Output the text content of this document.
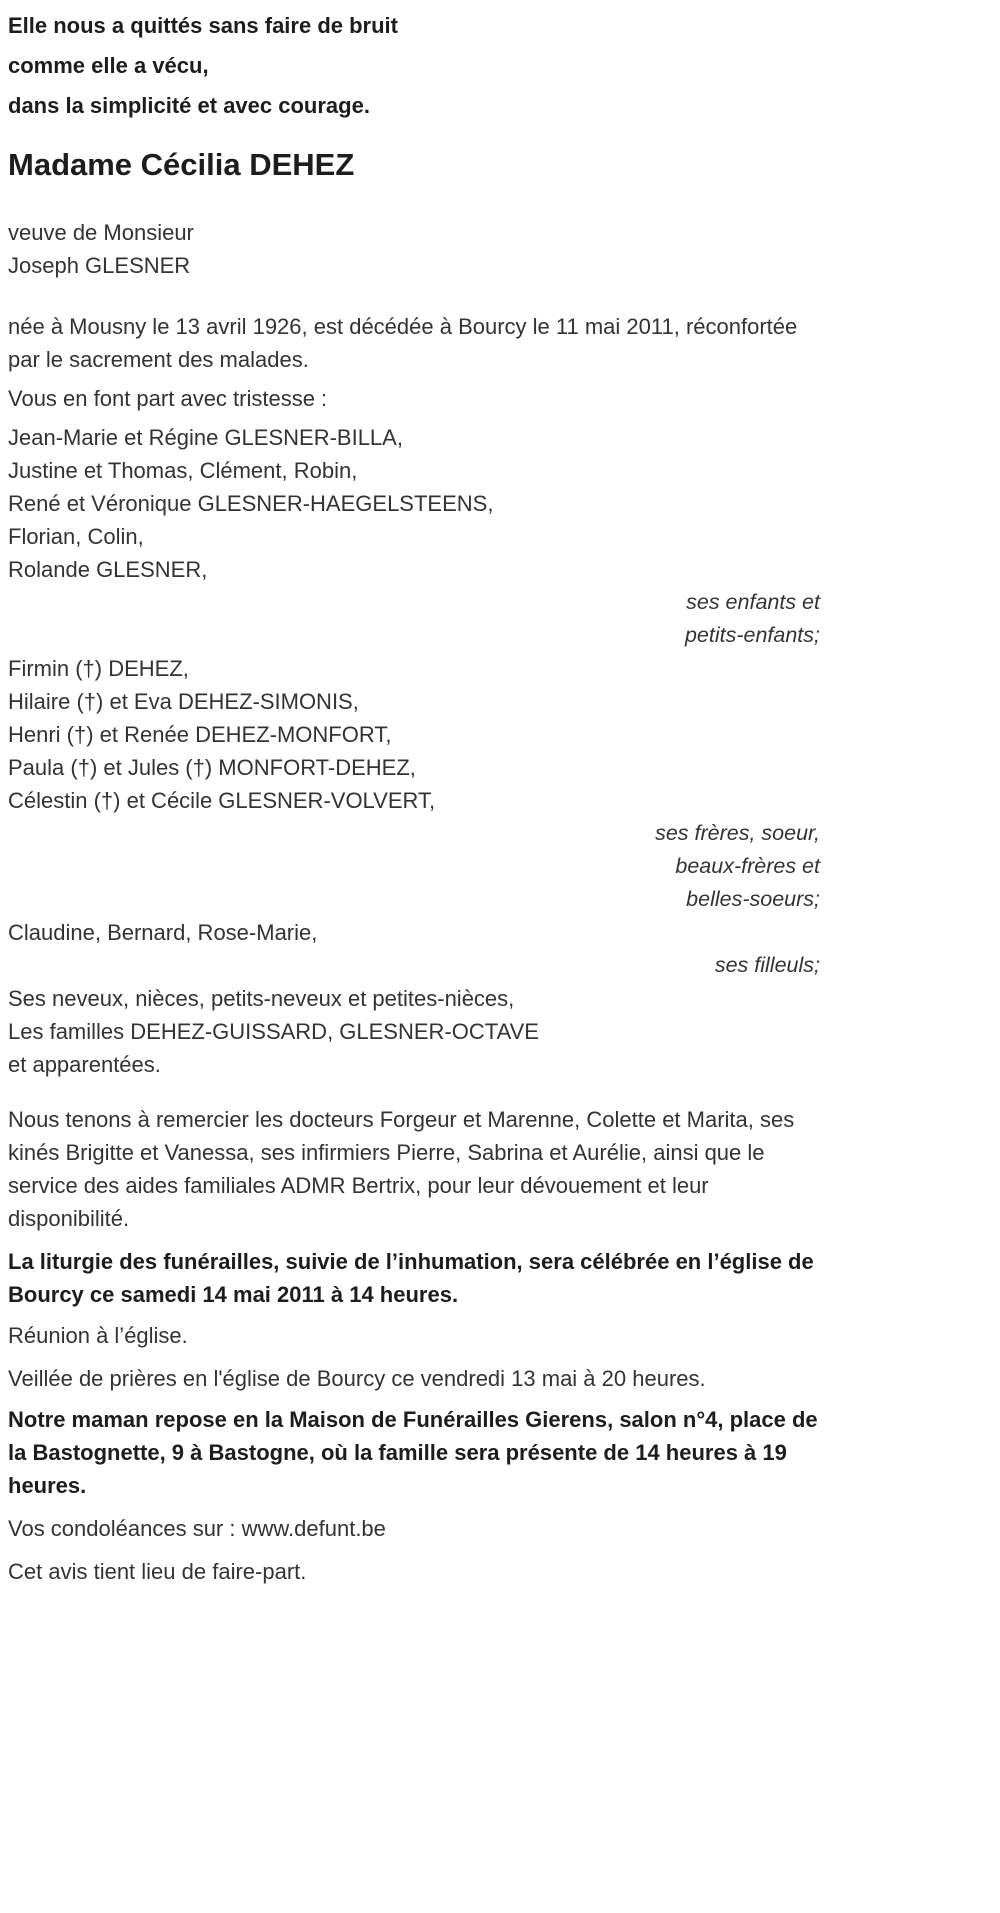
Elle nous a quittés sans faire de bruit

comme elle a vécu,

dans la simplicité et avec courage.

Madame Cécilia DEHEZ

veuve de Monsieur

Joseph GLESNER

née à Mousny le 13 avril 1926, est décédée à Bourcy le 11 mai 2011, réconfortée par le sacrement des malades.

Vous en font part avec tristesse :

Jean-Marie et Régine GLESNER-BILLA,

Justine et Thomas, Clément, Robin,

René et Véronique GLESNER-HAEGELSTEENS,

Florian, Colin,

Rolande GLESNER,

ses enfants et

petits-enfants;

Firmin (†) DEHEZ,

Hilaire (†) et Eva DEHEZ-SIMONIS,

Henri (†) et Renée DEHEZ-MONFORT,

Paula (†) et Jules (†) MONFORT-DEHEZ,

Célestin (†) et Cécile GLESNER-VOLVERT,

ses frères, soeur,

beaux-frères et

belles-soeurs;

Claudine, Bernard, Rose-Marie,

ses filleuls;

Ses neveux, nièces, petits-neveux et petites-nièces,

Les familles DEHEZ-GUISSARD, GLESNER-OCTAVE

et apparentées.

Nous tenons à remercier les docteurs Forgeur et Marenne, Colette et Marita, ses kinés Brigitte et Vanessa, ses infirmiers Pierre, Sabrina et Aurélie, ainsi que le service des aides familiales ADMR Bertrix, pour leur dévouement et leur disponibilité.

La liturgie des funérailles, suivie de l’inhumation, sera célébrée en l’église de Bourcy ce samedi 14 mai 2011 à 14 heures.

Réunion à l’église.

Veillée de prières en l'église de Bourcy ce vendredi 13 mai à 20 heures.

Notre maman repose en la Maison de Funérailles Gierens, salon n°4, place de la Bastognette, 9 à Bastogne, où la famille sera présente de 14 heures à 19 heures.

Vos condoléances sur : www.defunt.be

Cet avis tient lieu de faire-part.
